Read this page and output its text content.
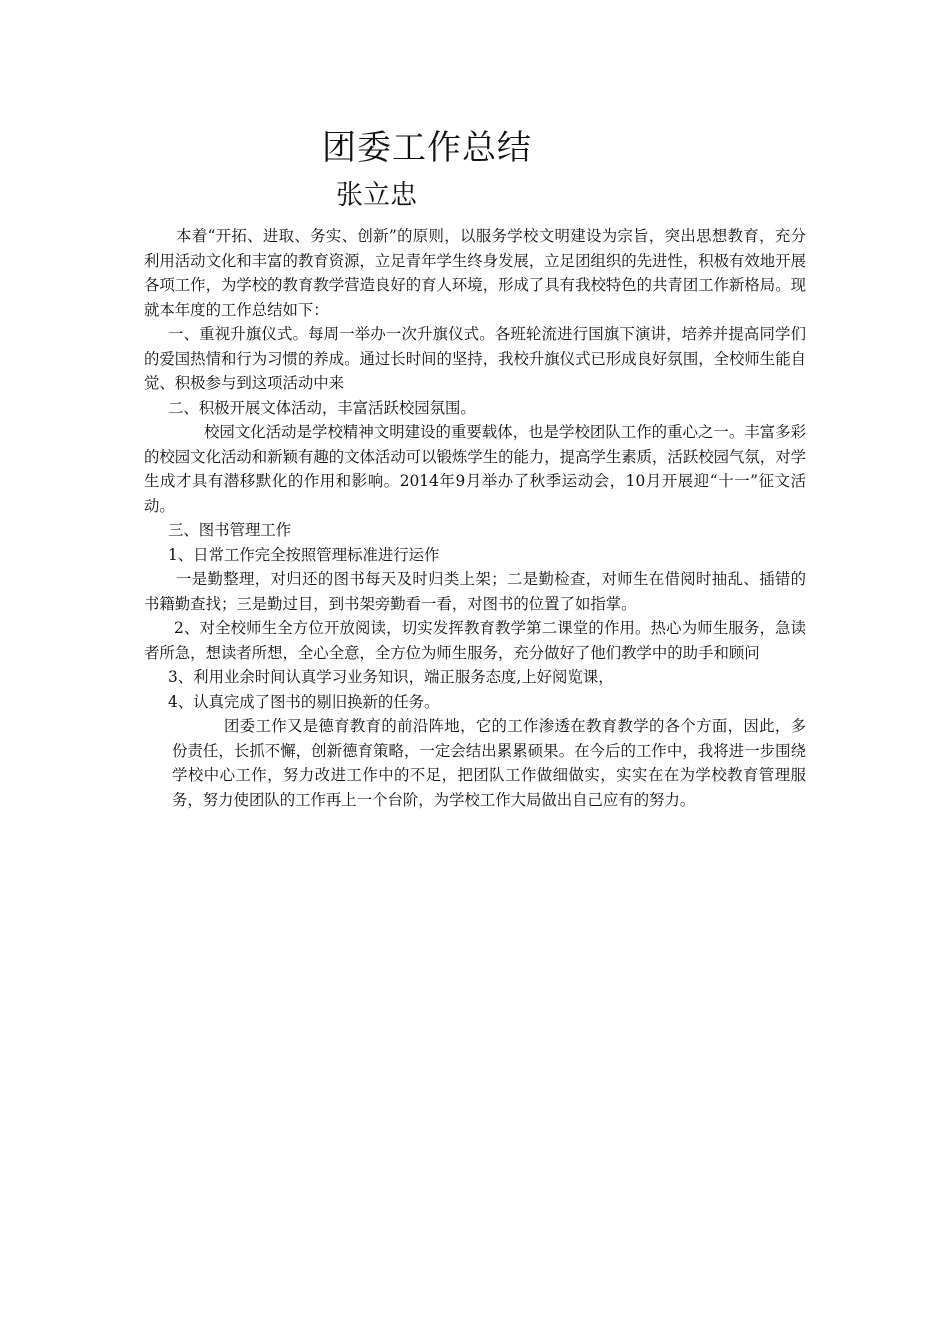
团委工作总结
张立忠

本着“开拓、进取、务实、创新”的原则，以服务学校文明建设为宗旨，突出思想教育，充分利用活动文化和丰富的教育资源，立足青年学生终身发展，立足团组织的先进性，积极有效地开展各项工作，为学校的教育教学营造良好的育人环境，形成了具有我校特色的共青团工作新格局。现就本年度的工作总结如下：

一、重视升旗仪式。每周一举办一次升旗仪式。各班轮流进行国旗下演讲，培养并提高同学们的爱国热情和行为习惯的养成。通过长时间的坚持，我校升旗仪式已形成良好氛围，全校师生能自觉、积极参与到这项活动中来

二、积极开展文体活动，丰富活跃校园氛围。

校园文化活动是学校精神文明建设的重要载体，也是学校团队工作的重心之一。丰富多彩的校园文化活动和新颖有趣的文体活动可以锻炼学生的能力，提高学生素质，活跃校园气氛，对学生成才具有潜移默化的作用和影响。2014年9月举办了秋季运动会，10月开展迎“十一”征文活动。

三、图书管理工作

1、日常工作完全按照管理标准进行运作

一是勤整理，对归还的图书每天及时归类上架；二是勤检查，对师生在借阅时抽乱、插错的书籍勤查找；三是勤过目，到书架旁勤看一看，对图书的位置了如指掌。

2、对全校师生全方位开放阅读，切实发挥教育教学第二课堂的作用。热心为师生服务，急读者所急，想读者所想，全心全意，全方位为师生服务，充分做好了他们教学中的助手和顾问

3、利用业余时间认真学习业务知识，端正服务态度,上好阅览课，

4、认真完成了图书的剔旧换新的任务。

团委工作又是德育教育的前沿阵地，它的工作渗透在教育教学的各个方面，因此，多份责任，长抓不懈，创新德育策略，一定会结出累累硕果。在今后的工作中，我将进一步围绕学校中心工作，努力改进工作中的不足，把团队工作做细做实，实实在在为学校教育管理服务，努力使团队的工作再上一个台阶，为学校工作大局做出自己应有的努力。
